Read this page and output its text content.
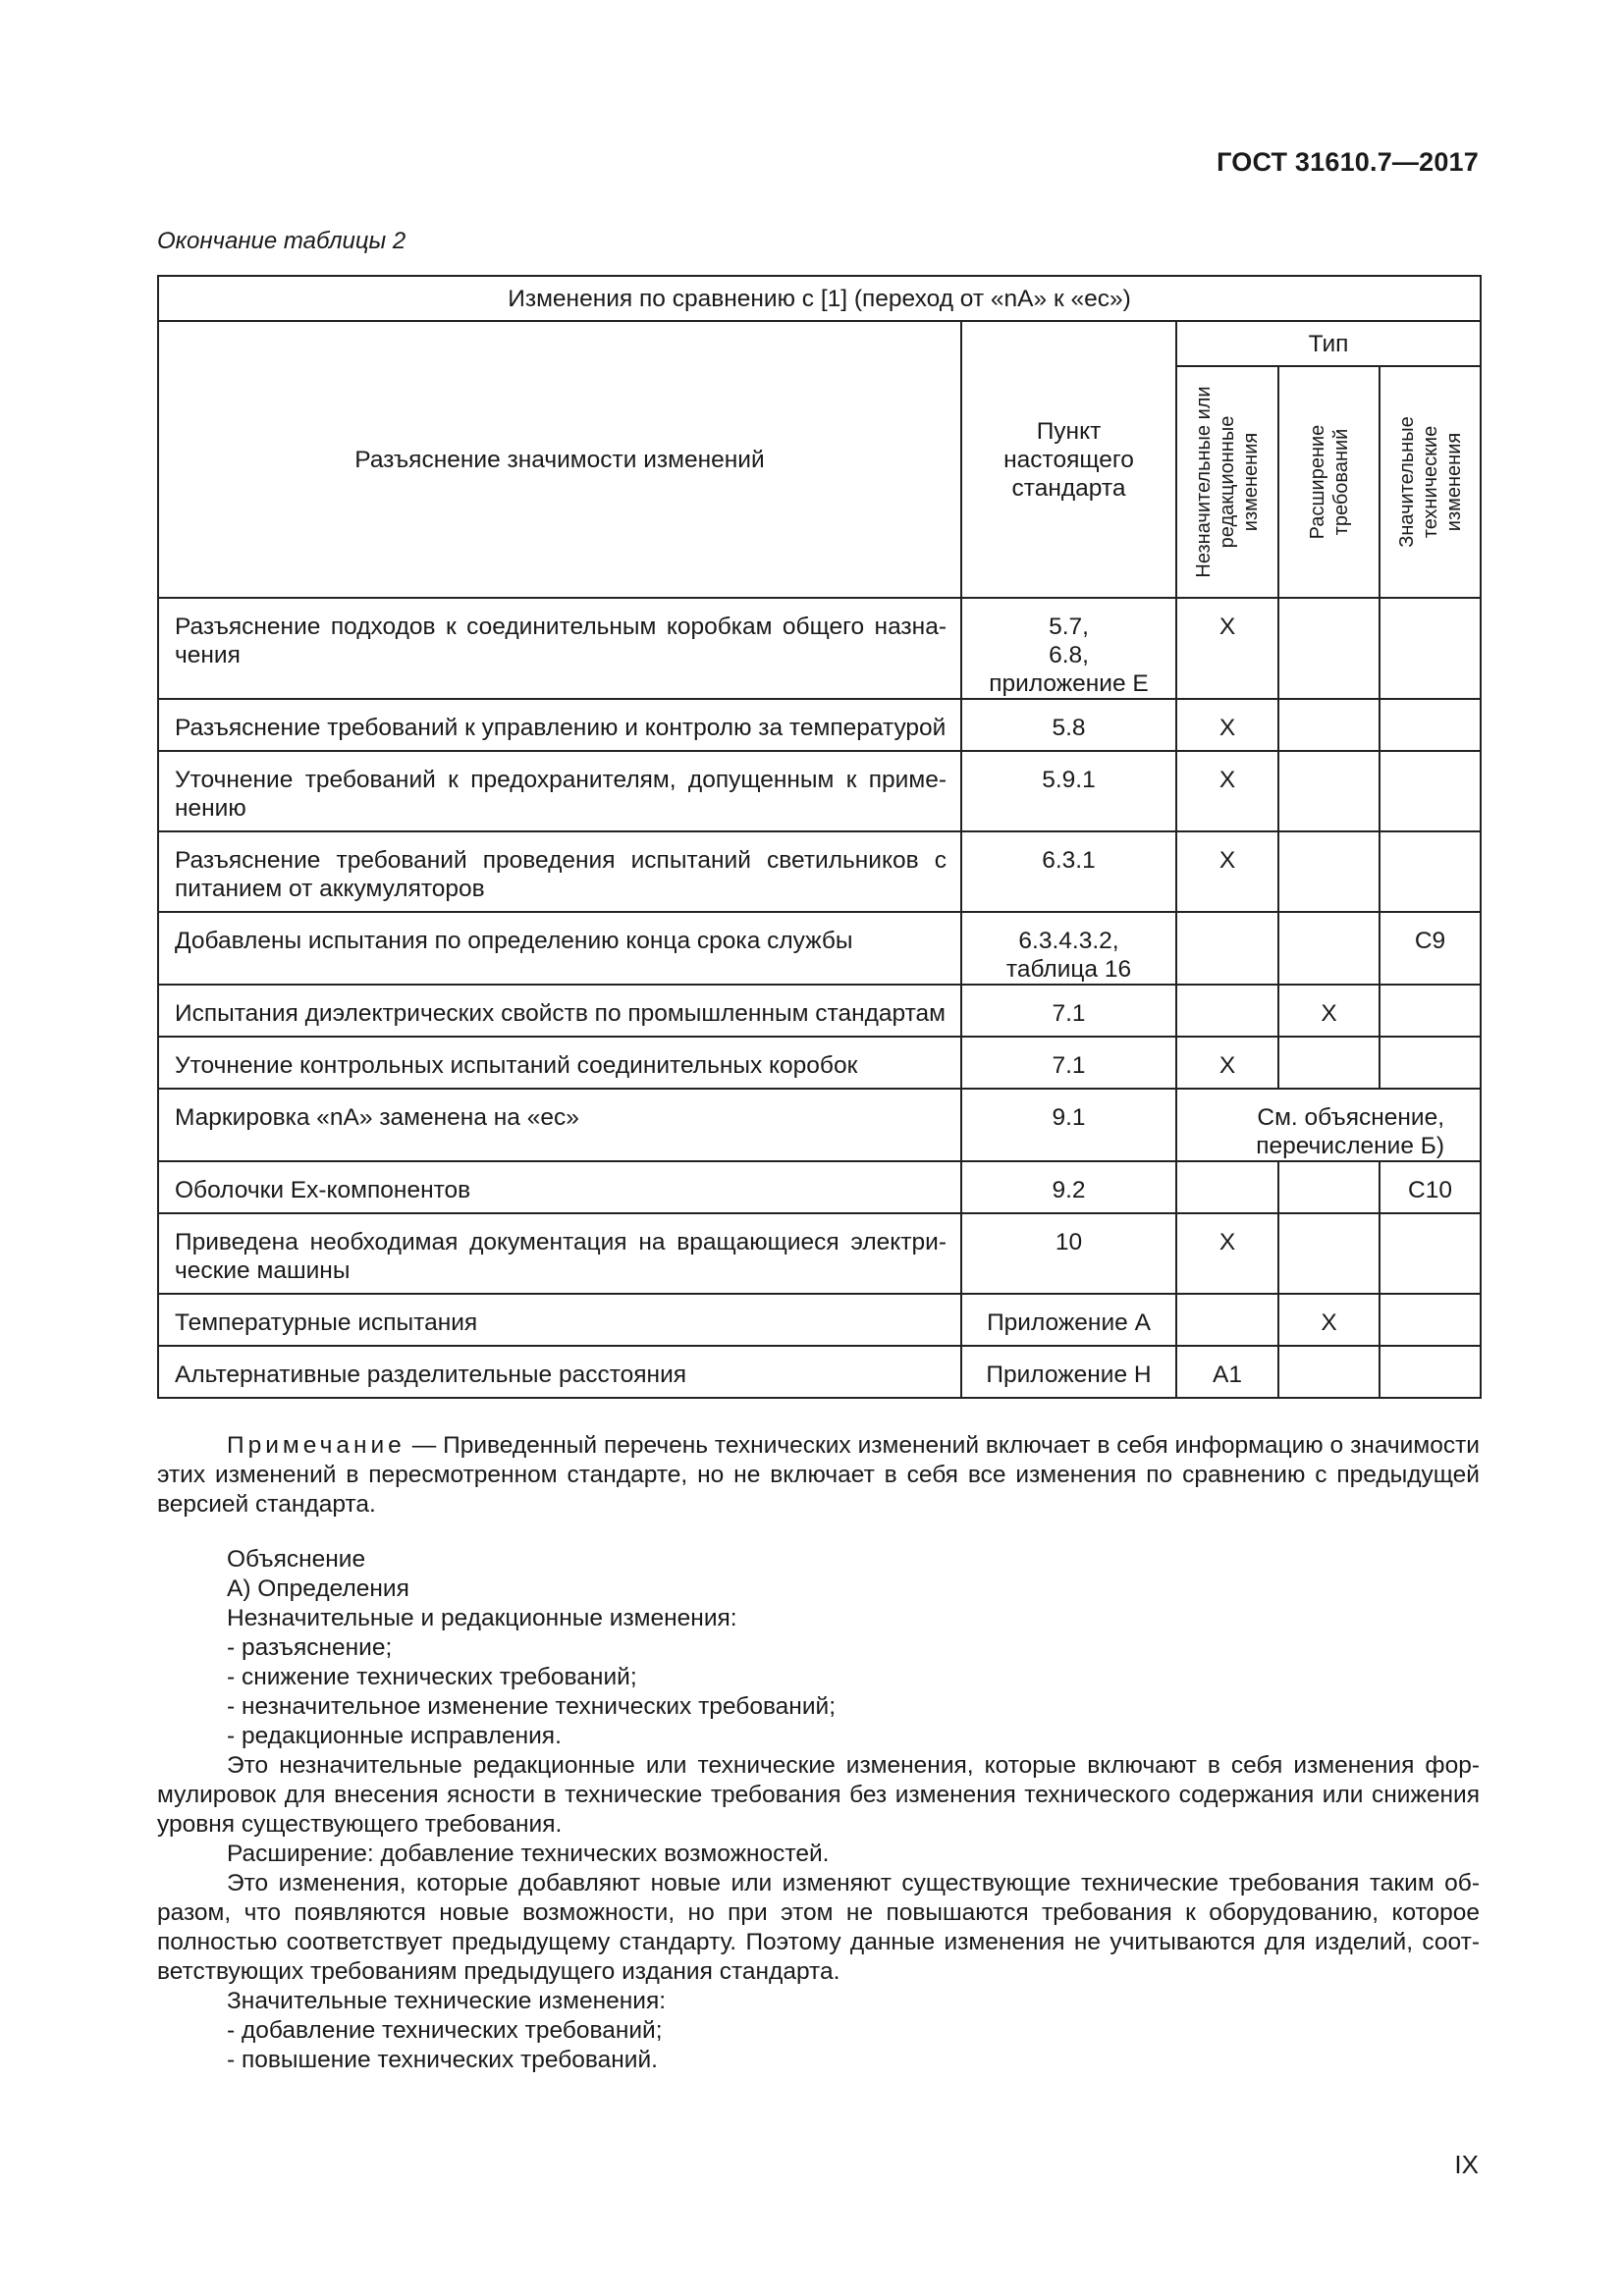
ГОСТ 31610.7—2017
Окончание таблицы 2
Изменения по сравнению с [1] (переход от «nA» к «ec»)				
Разъяснение значимости изменений	Пункт настоящего стандарта	Тип		

		Незначительные или редакционные изменения	Расширение требований	Значительные технические изменения

Разъяснение подходов к соединительным коробкам общего назначения	5.7,
6.8,
приложение Е	X		
Разъяснение требований к управлению и контролю за температурой	5.8	X		
Уточнение требований к предохранителям, допущенным к применению	5.9.1	X		
Разъяснение требований проведения испытаний светильников с питанием от аккумуляторов	6.3.1	X		
Добавлены испытания по определению конца срока службы	6.3.4.3.2,
таблица 16			C9
Испытания диэлектрических свойств по промышленным стандартам	7.1		X	
Уточнение контрольных испытаний соединительных коробок	7.1	X		
Маркировка «nA» заменена на «ec»	9.1	См. объяснение,
перечисление Б)		
Оболочки Ex-компонентов	9.2			C10
Приведена необходимая документация на вращающиеся электрические машины	10	X		
Температурные испытания	Приложение А		X	
Альтернативные разделительные расстояния	Приложение Н	A1		

Примечание — Приведенный перечень технических изменений включает в себя информацию о значимости этих изменений в пересмотренном стандарте, но не включает в себя все изменения по сравнению с предыдущей версией стандарта.

Объяснение

А) Определения

Незначительные и редакционные изменения:

- разъяснение;

- снижение технических требований;

- незначительное изменение технических требований;

- редакционные исправления.

Это незначительные редакционные или технические изменения, которые включают в себя изменения формулировок для внесения ясности в технические требования без изменения технического содержания или снижения уровня существующего требования.

Расширение: добавление технических возможностей.

Это изменения, которые добавляют новые или изменяют существующие технические требования таким образом, что появляются новые возможности, но при этом не повышаются требования к оборудованию, которое полностью соответствует предыдущему стандарту. Поэтому данные изменения не учитываются для изделий, соответствующих требованиям предыдущего издания стандарта.

Значительные технические изменения:

- добавление технических требований;

- повышение технических требований.

IX
